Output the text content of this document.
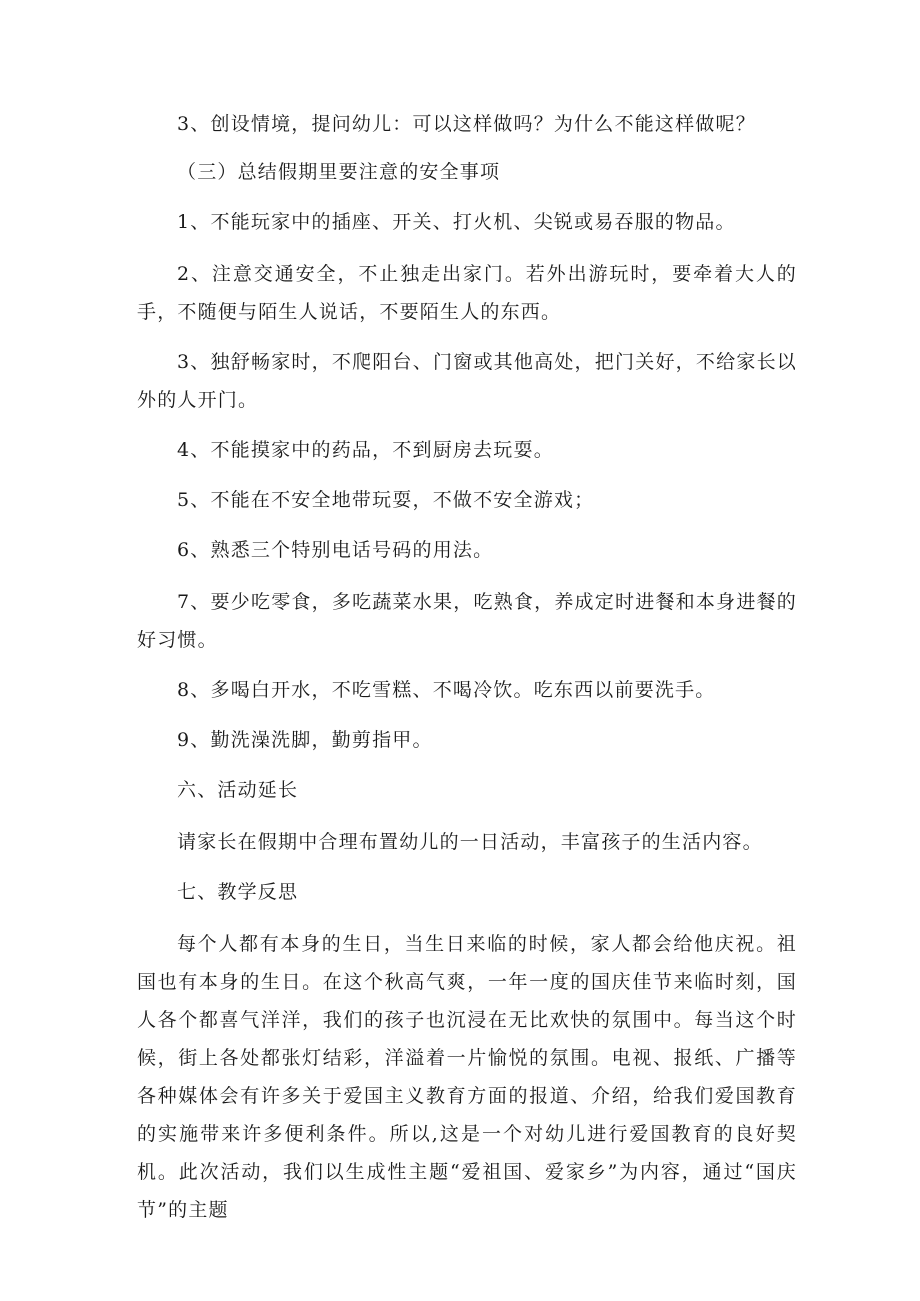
3、创设情境，提问幼儿：可以这样做吗？为什么不能这样做呢？

（三）总结假期里要注意的安全事项

1、不能玩家中的插座、开关、打火机、尖锐或易吞服的物品。

2、注意交通安全，不止独走出家门。若外出游玩时，要牵着大人的手，不随便与陌生人说话，不要陌生人的东西。

3、独舒畅家时，不爬阳台、门窗或其他高处，把门关好，不给家长以外的人开门。

4、不能摸家中的药品，不到厨房去玩耍。

5、不能在不安全地带玩耍，不做不安全游戏；

6、熟悉三个特别电话号码的用法。

7、要少吃零食，多吃蔬菜水果，吃熟食，养成定时进餐和本身进餐的好习惯。

8、多喝白开水，不吃雪糕、不喝冷饮。吃东西以前要洗手。

9、勤洗澡洗脚，勤剪指甲。

六、活动延长

请家长在假期中合理布置幼儿的一日活动，丰富孩子的生活内容。

七、教学反思

每个人都有本身的生日，当生日来临的时候，家人都会给他庆祝。祖国也有本身的生日。在这个秋高气爽，一年一度的国庆佳节来临时刻，国人各个都喜气洋洋，我们的孩子也沉浸在无比欢快的氛围中。每当这个时候，街上各处都张灯结彩，洋溢着一片愉悦的氛围。电视、报纸、广播等各种媒体会有许多关于爱国主义教育方面的报道、介绍，给我们爱国教育的实施带来许多便利条件。所以,这是一个对幼儿进行爱国教育的良好契机。此次活动，我们以生成性主题“爱祖国、爱家乡”为内容，通过“国庆节”的主题
